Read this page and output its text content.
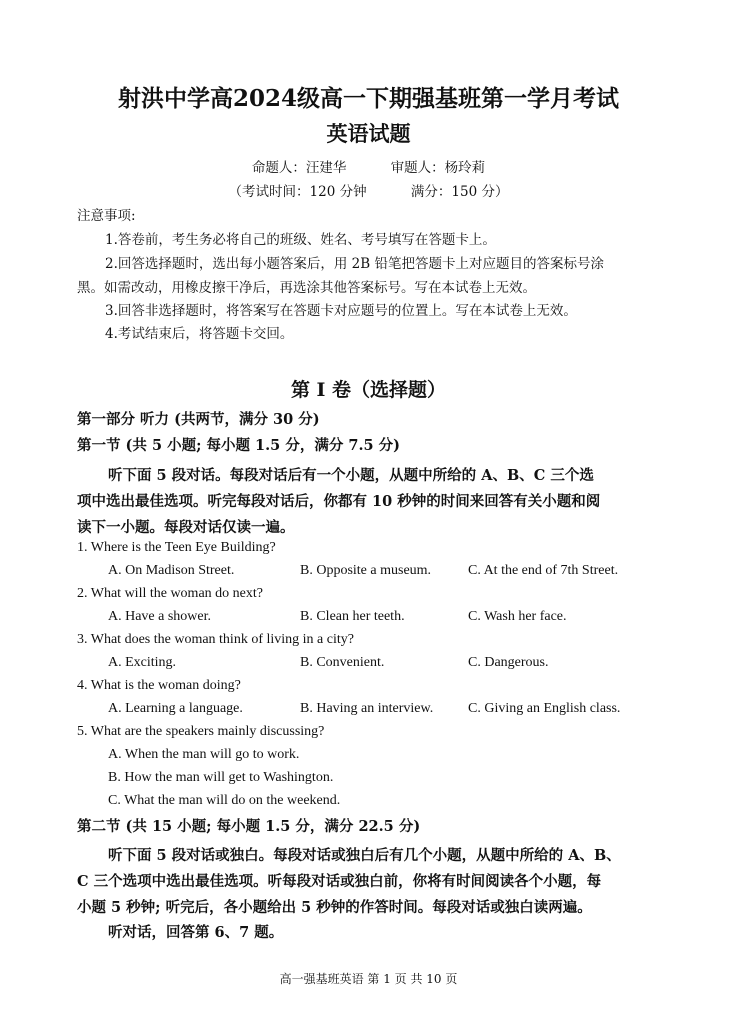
射洪中学高2024级高一下期强基班第一学月考试
英语试题
命题人：汪建华	审题人：杨玲莉
（考试时间：120 分钟	满分：150 分）
注意事项:
1.答卷前，考生务必将自己的班级、姓名、考号填写在答题卡上。
2.回答选择题时，选出每小题答案后，用 2B 铅笔把答题卡上对应题目的答案标号涂
黑。如需改动，用橡皮擦干净后，再选涂其他答案标号。写在本试卷上无效。
3.回答非选择题时，将答案写在答题卡对应题号的位置上。写在本试卷上无效。
4.考试结束后，将答题卡交回。
第 I 卷（选择题）
第一部分 听力 (共两节，满分 30 分)
第一节 (共 5 小题; 每小题 1.5 分，满分 7.5 分)
听下面 5 段对话。每段对话后有一个小题，从题中所给的 A、B、C 三个选
项中选出最佳选项。听完每段对话后，你都有 10 秒钟的时间来回答有关小题和阅
读下一小题。每段对话仅读一遍。
1. Where is the Teen Eye Building?
A. On Madison Street.	B. Opposite a museum.	C. At the end of 7th Street.
2. What will the woman do next?
A. Have a shower.	B. Clean her teeth.	C. Wash her face.
3. What does the woman think of living in a city?
A. Exciting.	B. Convenient.	C. Dangerous.
4. What is the woman doing?
A. Learning a language.	B. Having an interview. C. Giving an English class.
5. What are the speakers mainly discussing?
A. When the man will go to work.
B. How the man will get to Washington.
C. What the man will do on the weekend.
第二节 (共 15 小题; 每小题 1.5 分，满分 22.5 分)
听下面 5 段对话或独白。每段对话或独白后有几个小题，从题中所给的 A、B、
C 三个选项中选出最佳选项。听每段对话或独白前，你将有时间阅读各个小题，每
小题 5 秒钟; 听完后，各小题给出 5 秒钟的作答时间。每段对话或独白读两遍。
听对话，回答第 6、7 题。
高一强基班英语 第 1 页 共 10 页
